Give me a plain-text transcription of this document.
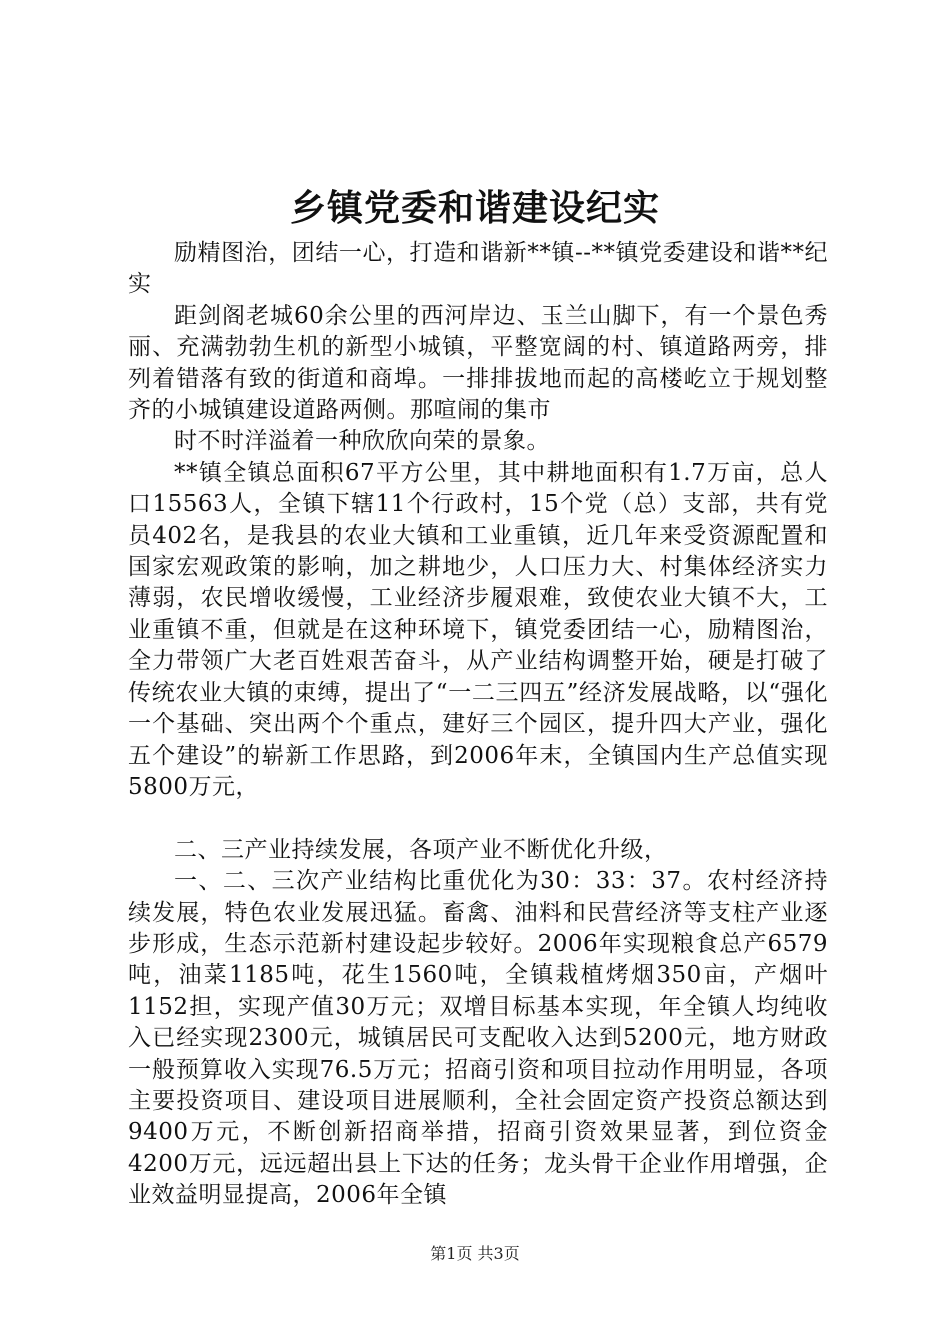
乡镇党委和谐建设纪实

励精图治，团结一心，打造和谐新**镇--**镇党委建设和谐**纪实

距剑阁老城60余公里的西河岸边、玉兰山脚下，有一个景色秀丽、充满勃勃生机的新型小城镇，平整宽阔的村、镇道路两旁，排列着错落有致的街道和商埠。一排排拔地而起的高楼屹立于规划整齐的小城镇建设道路两侧。那喧闹的集市

时不时洋溢着一种欣欣向荣的景象。

**镇全镇总面积67平方公里，其中耕地面积有1.7万亩，总人口15563人，全镇下辖11个行政村，15个党（总）支部，共有党员402名，是我县的农业大镇和工业重镇，近几年来受资源配置和国家宏观政策的影响，加之耕地少，人口压力大、村集体经济实力薄弱，农民增收缓慢，工业经济步履艰难，致使农业大镇不大，工业重镇不重，但就是在这种环境下，镇党委团结一心，励精图治，全力带领广大老百姓艰苦奋斗，从产业结构调整开始，硬是打破了传统农业大镇的束缚，提出了“一二三四五”经济发展战略，以“强化一个基础、突出两个个重点，建好三个园区，提升四大产业，强化五个建设”的崭新工作思路，到2006年末，全镇国内生产总值实现5800万元，

二、三产业持续发展，各项产业不断优化升级，

一、二、三次产业结构比重优化为30：33：37。农村经济持续发展，特色农业发展迅猛。畜禽、油料和民营经济等支柱产业逐步形成，生态示范新村建设起步较好。2006年实现粮食总产6579吨，油菜1185吨，花生1560吨，全镇栽植烤烟350亩，产烟叶1152担，实现产值30万元；双增目标基本实现，年全镇人均纯收入已经实现2300元，城镇居民可支配收入达到5200元，地方财政一般预算收入实现76.5万元；招商引资和项目拉动作用明显，各项主要投资项目、建设项目进展顺利，全社会固定资产投资总额达到9400万元，不断创新招商举措，招商引资效果显著，到位资金4200万元，远远超出县上下达的任务；龙头骨干企业作用增强，企业效益明显提高，2006年全镇

第1页 共3页
